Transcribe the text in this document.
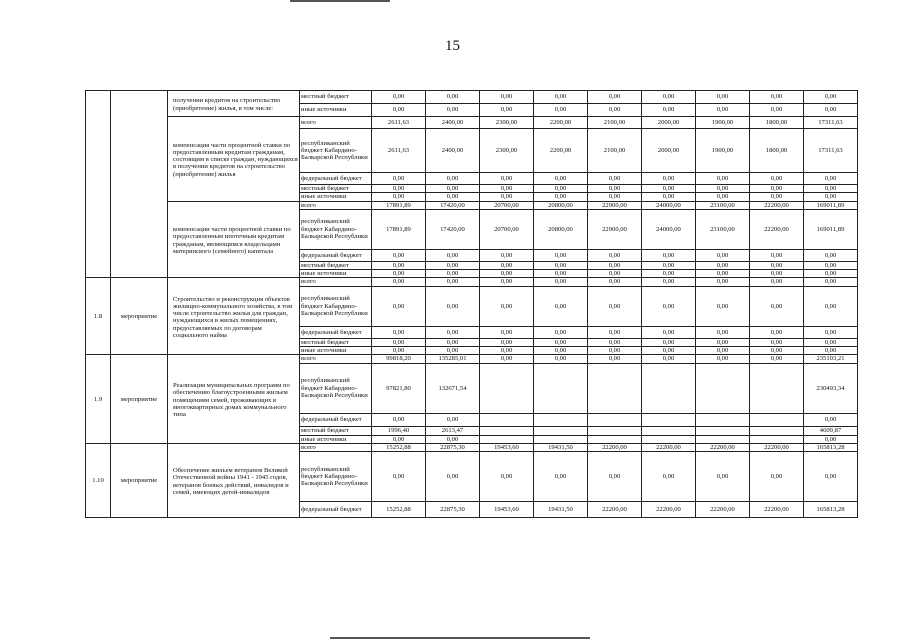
15
		получении кредитов на строительство (приобретение) жилья, в том числе:	местный бюджет	0,00	0,00	0,00	0,00	0,00	0,00	0,00	0,00	0,00
			иные источники	0,00	0,00	0,00	0,00	0,00	0,00	0,00	0,00	0,00
		компенсация части процентной ставки по предоставленным кредитам гражданам, состоящим в списке граждан, нуждающихся в получении кредитов на строительство (приобретение) жилья	всего	2611,63	2400,00	2300,00	2200,00	2100,00	2000,00	1900,00	1800,00	17311,63
			республиканский бюджет Кабардино-Балкарской Республики	2611,63	2400,00	2300,00	2200,00	2100,00	2000,00	1900,00	1800,00	17311,63
			федеральный бюджет	0,00	0,00	0,00	0,00	0,00	0,00	0,00	0,00	0,00
			местный бюджет	0,00	0,00	0,00	0,00	0,00	0,00	0,00	0,00	0,00
			иные источники	0,00	0,00	0,00	0,00	0,00	0,00	0,00	0,00	0,00
		компенсации части процентной ставки по предоставленным ипотечным кредитам гражданам, являющимся владельцами материнского (семейного) капитала	всего	17891,89	17420,00	20700,00	20800,00	22900,00	24000,00	23100,00	22200,00	169011,89
			республиканский бюджет Кабардино-Балкарской Республики	17891,89	17420,00	20700,00	20800,00	22900,00	24000,00	23100,00	22200,00	169011,89
			федеральный бюджет	0,00	0,00	0,00	0,00	0,00	0,00	0,00	0,00	0,00
			местный бюджет	0,00	0,00	0,00	0,00	0,00	0,00	0,00	0,00	0,00
			иные источники	0,00	0,00	0,00	0,00	0,00	0,00	0,00	0,00	0,00
1.8	мероприятие	Строительство и реконструкция объектов жилищно-коммунального хозяйства, в том числе строительство жилья для граждан, нуждающихся в жилых помещениях, предоставляемых по договорам социального найма	всего	0,00	0,00	0,00	0,00	0,00	0,00	0,00	0,00	0,00
			республиканский бюджет Кабардино-Балкарской Республики	0,00	0,00	0,00	0,00	0,00	0,00	0,00	0,00	0,00
			федеральный бюджет	0,00	0,00	0,00	0,00	0,00	0,00	0,00	0,00	0,00
			местный бюджет	0,00	0,00	0,00	0,00	0,00	0,00	0,00	0,00	0,00
			иные источники	0,00	0,00	0,00	0,00	0,00	0,00	0,00	0,00	0,00
1.9	мероприятие	Реализация муниципальных программ по обеспечению благоустроенными жильем помещениям семей, проживающих в многоквартирных домах коммунального типа	всего	99818,20	135285,01	0,00	0,00	0,00	0,00	0,00	0,00	235103,21
			республиканский бюджет Кабардино-Балкарской Республики	97821,80	132671,54							230493,34
			федеральный бюджет	0,00	0,00							0,00
			местный бюджет	1996,40	2613,47							4609,87
			иные источники	0,00	0,00							0,00
1.10	мероприятие	Обеспечение жильем ветеранов Великой Отечественной войны 1941 - 1945 годов, ветеранов боевых действий, инвалидов и семей, имеющих детей-инвалидов	всего	15252,88	22875,30	19453,60	19431,50	22200,00	22200,00	22200,00	22200,00	165813,28
			республиканский бюджет Кабардино-Балкарской Республики	0,00	0,00	0,00	0,00	0,00	0,00	0,00	0,00	0,00
			федеральный бюджет	15252,88	22875,30	19453,60	19431,50	22200,00	22200,00	22200,00	22200,00	165813,28
